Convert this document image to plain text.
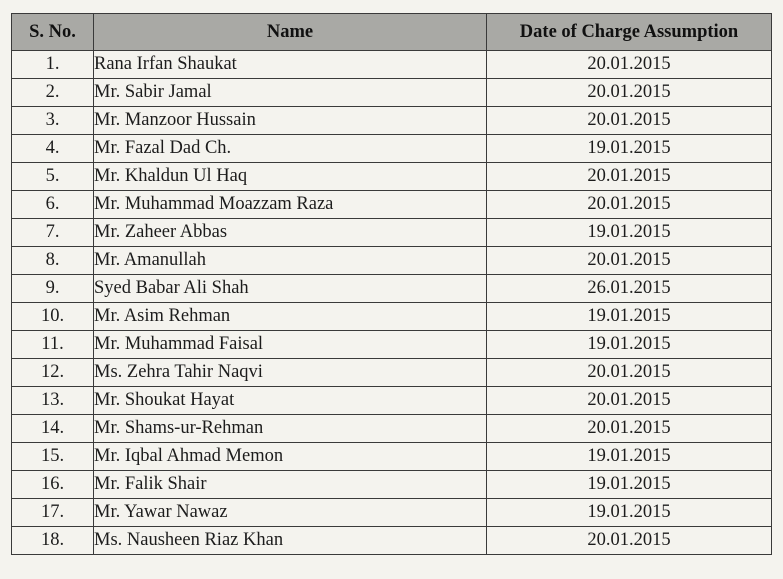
S. No.	Name	Date of Charge Assumption
1.	Rana Irfan Shaukat	20.01.2015
2.	Mr. Sabir Jamal	20.01.2015
3.	Mr. Manzoor Hussain	20.01.2015
4.	Mr. Fazal Dad Ch.	19.01.2015
5.	Mr. Khaldun Ul Haq	20.01.2015
6.	Mr. Muhammad Moazzam Raza	20.01.2015
7.	Mr. Zaheer Abbas	19.01.2015
8.	Mr. Amanullah	20.01.2015
9.	Syed Babar Ali Shah	26.01.2015
10.	Mr. Asim Rehman	19.01.2015
11.	Mr. Muhammad Faisal	19.01.2015
12.	Ms. Zehra Tahir Naqvi	20.01.2015
13.	Mr. Shoukat Hayat	20.01.2015
14.	Mr. Shams-ur-Rehman	20.01.2015
15.	Mr. Iqbal Ahmad Memon	19.01.2015
16.	Mr. Falik Shair	19.01.2015
17.	Mr. Yawar Nawaz	19.01.2015
18.	Ms. Nausheen Riaz Khan	20.01.2015
